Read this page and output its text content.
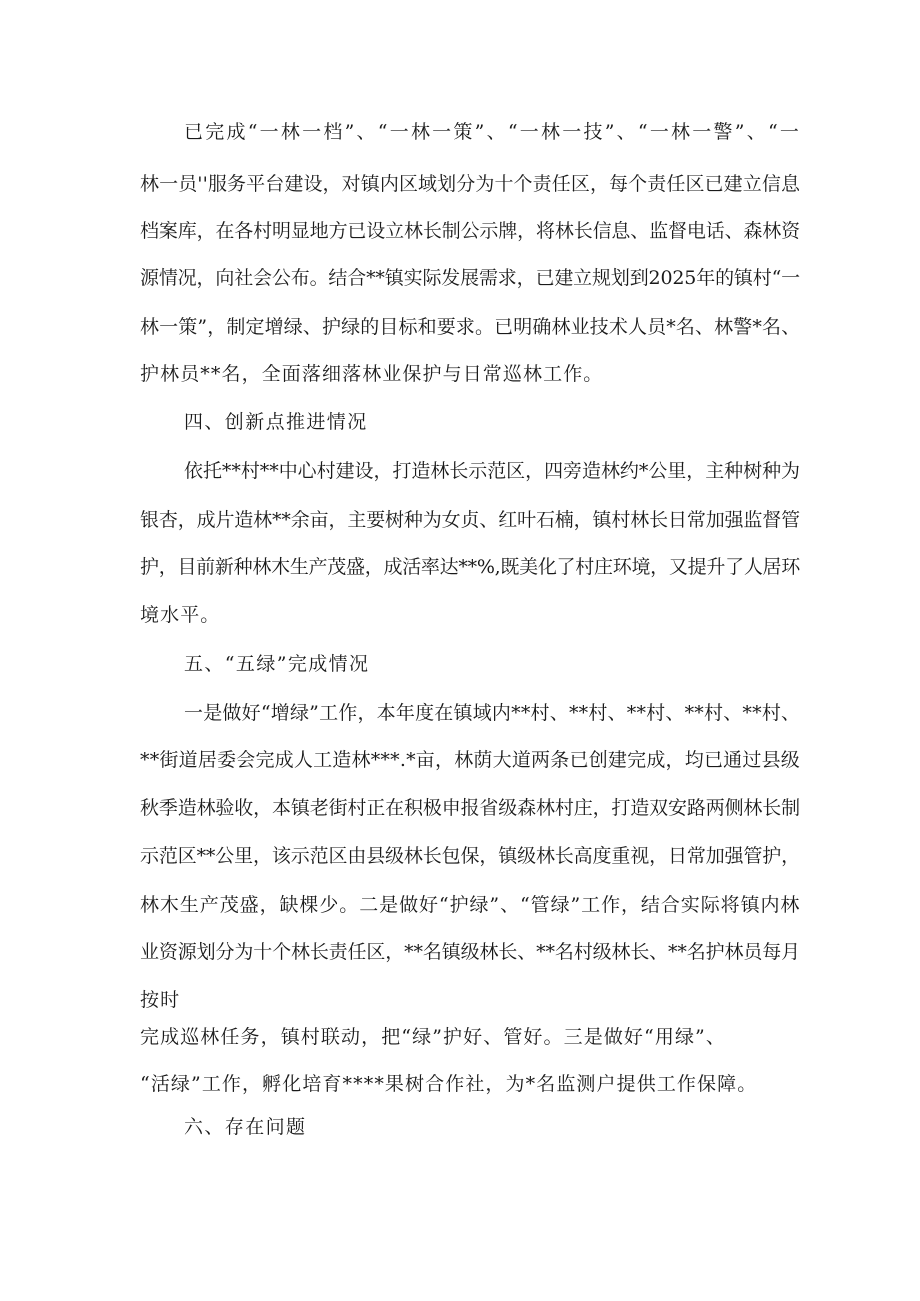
已完成“一林一档”、“一林一策”、“一林一技”、“一林一警”、“一
林一员''服务平台建设，对镇内区域划分为十个责任区，每个责任区已建立信息
档案库，在各村明显地方已设立林长制公示牌，将林长信息、监督电话、森林资
源情况，向社会公布。结合**镇实际发展需求，已建立规划到2025年的镇村“一
林一策”，制定增绿、护绿的目标和要求。已明确林业技术人员*名、林警*名、
护林员**名，全面落细落林业保护与日常巡林工作。
四、创新点推进情况
依托**村**中心村建设，打造林长示范区，四旁造林约*公里，主种树种为
银杏，成片造林**余亩，主要树种为女贞、红叶石楠，镇村林长日常加强监督管
护，目前新种林木生产茂盛，成活率达**%,既美化了村庄环境，又提升了人居环
境水平。
五、“五绿”完成情况
一是做好“增绿”工作，本年度在镇域内**村、**村、**村、**村、**村、
**街道居委会完成人工造林***.*亩，林荫大道两条已创建完成，均已通过县级
秋季造林验收，本镇老街村正在积极申报省级森林村庄，打造双安路两侧林长制
示范区**公里，该示范区由县级林长包保，镇级林长高度重视，日常加强管护，
林木生产茂盛，缺棵少。二是做好“护绿”、“管绿”工作，结合实际将镇内林
业资源划分为十个林长责任区，**名镇级林长、**名村级林长、**名护林员每月
按时
完成巡林任务，镇村联动，把“绿”护好、管好。三是做好“用绿”、
“活绿”工作，孵化培育****果树合作社，为*名监测户提供工作保障。
六、存在问题
